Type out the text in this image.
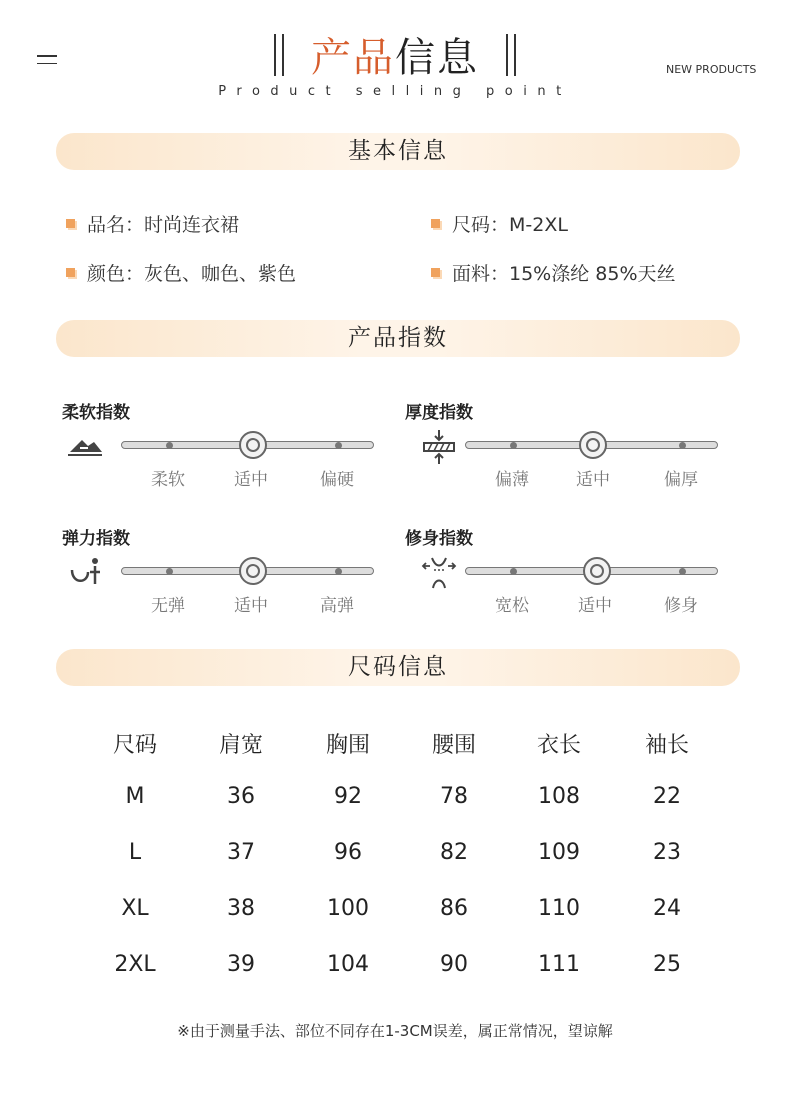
产品信息
Product selling point
NEW PRODUCTS
基本信息
品名：时尚连衣裙	尺码：M-2XL
颜色：灰色、咖色、紫色	面料：15%涤纶 85%天丝
产品指数
柔软指数
柔软	适中	偏硬
厚度指数
偏薄	适中	偏厚
弹力指数
无弹	适中	高弹
修身指数
宽松	适中	修身
尺码信息
尺码	肩宽	胸围	腰围	衣长	袖长
M	36	92	78	108	22
L	37	96	82	109	23
XL	38	100	86	110	24
2XL	39	104	90	111	25
※由于测量手法、部位不同存在1-3CM误差，属正常情况，望谅解
